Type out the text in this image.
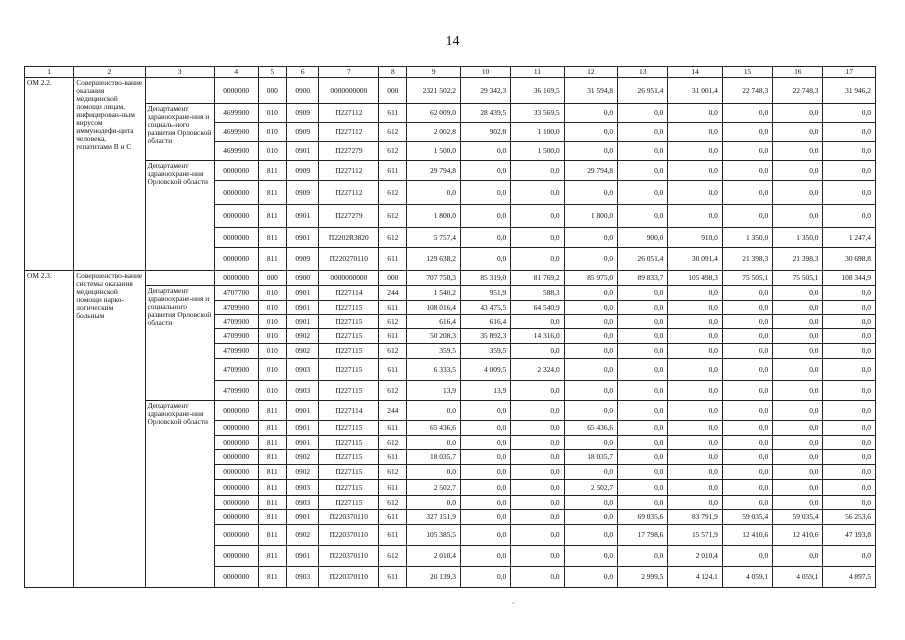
14
1	2	3	4	5	6	7	8	9	10	11	12	13	14	15	16	17
ОМ 2.2.	Совершенство-вание оказания медицинской помощи лицам, инфицирован-ным вирусом иммунодефи-цита человека, гепатитами В и С		0000000	000	0900	0000000000	000	2321 502,2	29 342,3	36 169,5	31 594,8	26 951,4	31 001,4	22 748,3	22 748,3	31 946,2
		Департамент здравоохране-ния и социаль-ного развития Орловской области	4699900	010	0909	П227112	611	62 009,0	28 439,5	33 569,5	0,0	0,0	0,0	0,0	0,0	0,0
			4699900	010	0909	П227112	612	2 002,8	902,8	1 100,0	0,0	0,0	0,0	0,0	0,0	0,0
			4699900	010	0901	П227279	612	1 500,0	0,0	1 500,0	0,0	0,0	0,0	0,0	0,0	0,0
		Департамент здравоохране-ния Орловской области	0000000	811	0909	П227112	611	29 794,8	0,0	0,0	29 794,8	0,0	0,0	0,0	0,0	0,0
			0000000	811	0909	П227112	612	0,0	0,0	0,0	0,0	0,0	0,0	0,0	0,0	0,0
			0000000	811	0901	П227279	612	1 800,0	0,0	0,0	1 800,0	0,0	0,0	0,0	0,0	0,0
			0000000	811	0901	П2202R3820	612	5 757,4	0,0	0,0	0,0	900,0	910,0	1 350,0	1 350,0	1 247,4
			0000000	811	0909	П220270110	611	129 638,2	0,0	0,0	0,0	26 051,4	30 091,4	21 398,3	21 398,3	30 698,8
ОМ 2.3.	Совершенство-вание системы оказания медицинской помощи нарко-логическим больным		0000000	000	0900	0000000000	000	707 750,3	85 319,0	81 769,2	85 975,0	89 833,7	105 498,3	75 505,1	75 505,1	108 344,9
		Департамент здравоохране-ния и социального развития Орловской области	4707700	010	0901	П227114	244	1 540,2	951,9	588,3	0,0	0,0	0,0	0,0	0,0	0,0
			4709900	010	0901	П227115	611	108 016,4	43 475,5	64 540,9	0,0	0,0	0,0	0,0	0,0	0,0
			4709900	010	0901	П227115	612	616,4	616,4	0,0	0,0	0,0	0,0	0,0	0,0	0,0
			4709900	010	0902	П227115	611	50 208,3	35 892,3	14 316,0	0,0	0,0	0,0	0,0	0,0	0,0
			4709900	010	0902	П227115	612	359,5	359,5	0,0	0,0	0,0	0,0	0,0	0,0	0,0
			4709900	010	0903	П227115	611	6 333,5	4 009,5	2 324,0	0,0	0,0	0,0	0,0	0,0	0,0
			4709900	010	0903	П227115	612	13,9	13,9	0,0	0,0	0,0	0,0	0,0	0,0	0,0
		Департамент здравоохране-ния Орловской области	0000000	811	0901	П227114	244	0,0	0,0	0,0	0,0	0,0	0,0	0,0	0,0	0,0
			0000000	811	0901	П227115	611	65 436,6	0,0	0,0	65 436,6	0,0	0,0	0,0	0,0	0,0
			0000000	811	0901	П227115	612	0,0	0,0	0,0	0,0	0,0	0,0	0,0	0,0	0,0
			0000000	811	0902	П227115	611	18 035,7	0,0	0,0	18 035,7	0,0	0,0	0,0	0,0	0,0
			0000000	811	0902	П227115	612	0,0	0,0	0,0	0,0	0,0	0,0	0,0	0,0	0,0
			0000000	811	0903	П227115	611	2 502,7	0,0	0,0	2 502,7	0,0	0,0	0,0	0,0	0,0
			0000000	811	0903	П227115	612	0,0	0,0	0,0	0,0	0,0	0,0	0,0	0,0	0,0
			0000000	811	0901	П220370110	611	327 151,9	0,0	0,0	0,0	69 035,6	83 791,9	59 035,4	59 035,4	56 253,6
			0000000	811	0902	П220370110	611	105 385,5	0,0	0,0	0,0	17 798,6	15 571,9	12 410,6	12 410,6	47 193,8
			0000000	811	0901	П220370110	612	2 010,4	0,0	0,0	0,0	0,0	2 010,4	0,0	0,0	0,0
			0000000	811	0903	П220370110	611	20 139,3	0,0	0,0	0,0	2 999,5	4 124,1	4 059,1	4 059,1	4 897,5
·
